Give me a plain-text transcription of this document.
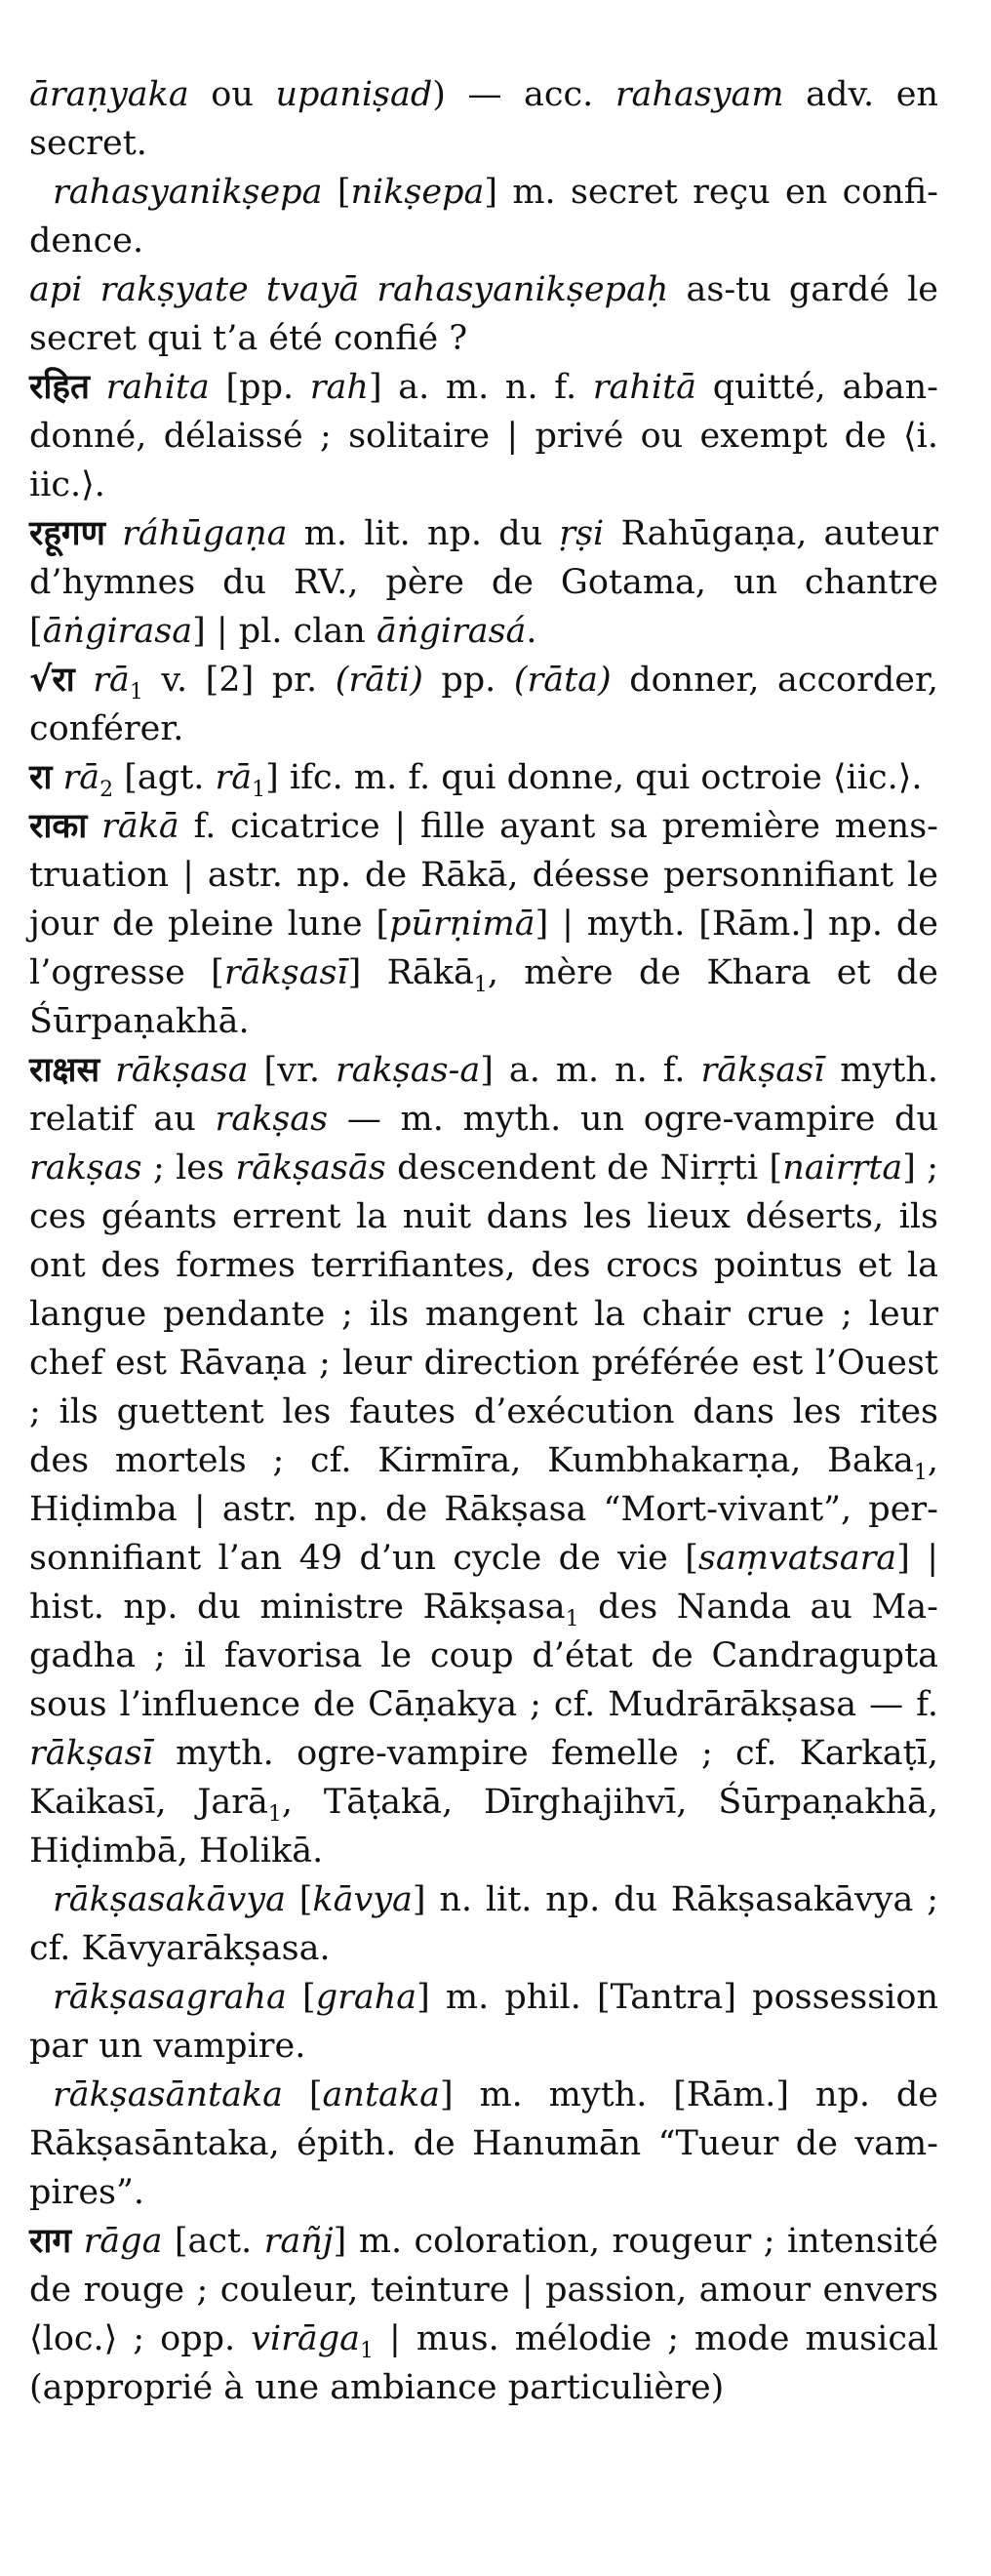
āraṇyaka ou upaniṣad) — acc. rahasyam adv. en secret.

rahasyanikṣepa [nikṣepa] m. secret reçu en confidence.

api rakṣyate tvayā rahasyanikṣepaḥ as-tu gardé le secret qui t’a été confié ?

रहित rahita [pp. rah] a. m. n. f. rahitā quitté, abandonné, délaissé ; solitaire | privé ou exempt de ⟨i. iic.⟩.

रहूगण ráhūgaṇa m. lit. np. du ṛṣi Rahūgaṇa, auteur d’hymnes du RV., père de Gotama, un chantre [āṅgirasa] | pl. clan āṅgirasá.

√रा $rā_1$ v. [2] pr. (rāti) pp. (rāta) donner, accorder, conférer.

रा $rā_2$ [agt. $rā_1$] ifc. m. f. qui donne, qui octroie ⟨iic.⟩.

राका rākā f. cicatrice | fille ayant sa première menstruation | astr. np. de Rākā, déesse personnifiant le jour de pleine lune [pūrṇimā] | myth. [Rām.] np. de l’ogresse [rākṣasī] Rākā$_1$, mère de Khara et de Śūrpaṇakhā.

राक्षस rākṣasa [vr. rakṣas-a] a. m. n. f. rākṣasī myth. relatif au rakṣas — m. myth. un ogre-vampire du rakṣas ; les rākṣasās descendent de Nirṛti [nairṛta] ; ces géants errent la nuit dans les lieux déserts, ils ont des formes terrifiantes, des crocs pointus et la langue pendante ; ils mangent la chair crue ; leur chef est Rāvaṇa ; leur direction préférée est l’Ouest ; ils guettent les fautes d’exécution dans les rites des mortels ; cf. Kirmīra, Kumbhakarṇa, Baka$_1$, Hiḍimba | astr. np. de Rākṣasa “Mort-vivant”, personnifiant l’an 49 d’un cycle de vie [saṃvatsara] | hist. np. du ministre Rākṣasa$_1$ des Nanda au Magadha ; il favorisa le coup d’état de Candragupta sous l’influence de Cāṇakya ; cf. Mudrārākṣasa — f. rākṣasī myth. ogre-vampire femelle ; cf. Karkaṭī, Kaikasī, Jarā$_1$, Tāṭakā, Dīrghajihvī, Śūrpaṇakhā, Hiḍimbā, Holikā.

rākṣasakāvya [kāvya] n. lit. np. du Rākṣasakāvya ; cf. Kāvyarākṣasa.

rākṣasagraha [graha] m. phil. [Tantra] possession par un vampire.

rākṣasāntaka [antaka] m. myth. [Rām.] np. de Rākṣasāntaka, épith. de Hanumān “Tueur de vampires”.

राग rāga [act. rañj] m. coloration, rougeur ; intensité de rouge ; couleur, teinture | passion, amour envers ⟨loc.⟩ ; opp. virāga$_1$ | mus. mélodie ; mode musical (approprié à une ambiance particulière)
